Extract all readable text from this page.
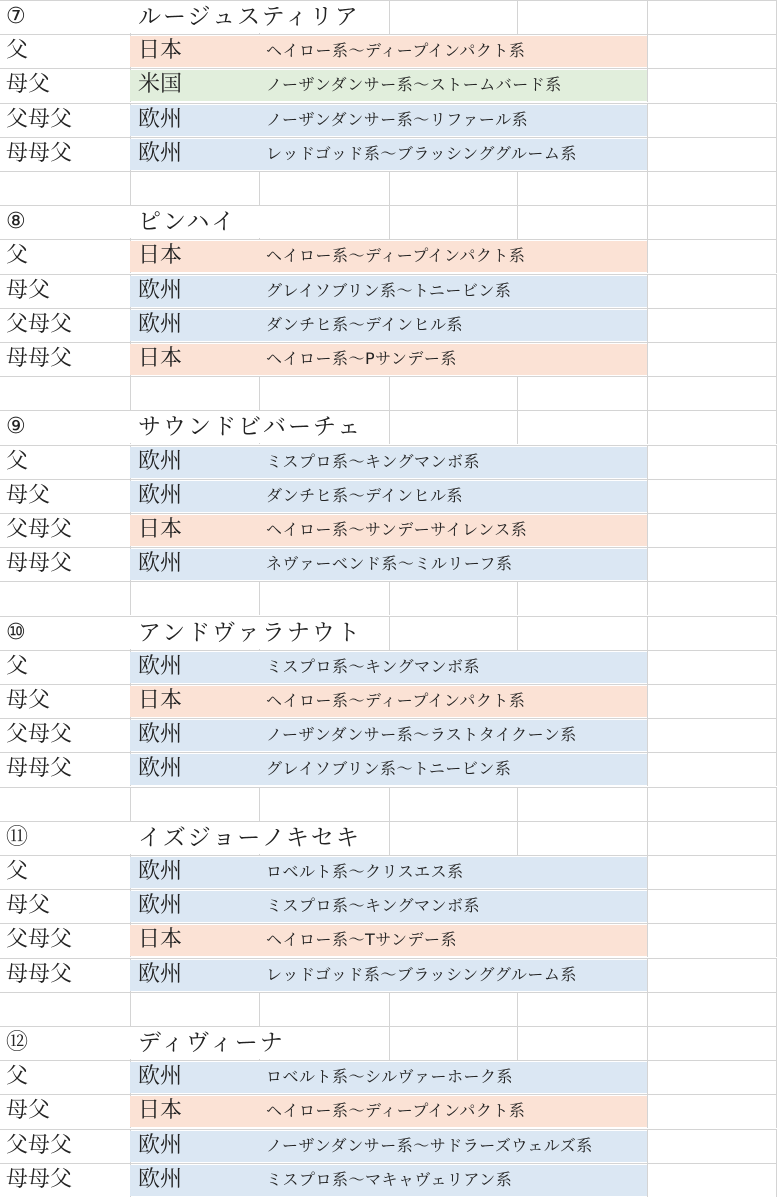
⑦	ルージュスティリア
父	日本	ヘイロー系～ディープインパクト系
母父	米国	ノーザンダンサー系～ストームバード系
父母父	欧州	ノーザンダンサー系～リファール系
母母父	欧州	レッドゴッド系～ブラッシンググルーム系
⑧	ピンハイ
父	日本	ヘイロー系～ディープインパクト系
母父	欧州	グレイソブリン系～トニービン系
父母父	欧州	ダンチヒ系～デインヒル系
母母父	日本	ヘイロー系～Pサンデー系
⑨	サウンドビバーチェ
父	欧州	ミスプロ系～キングマンボ系
母父	欧州	ダンチヒ系～デインヒル系
父母父	日本	ヘイロー系～サンデーサイレンス系
母母父	欧州	ネヴァーベンド系～ミルリーフ系
⑩	アンドヴァラナウト
父	欧州	ミスプロ系～キングマンボ系
母父	日本	ヘイロー系～ディープインパクト系
父母父	欧州	ノーザンダンサー系～ラストタイクーン系
母母父	欧州	グレイソブリン系～トニービン系
⑪	イズジョーノキセキ
父	欧州	ロベルト系～クリスエス系
母父	欧州	ミスプロ系～キングマンボ系
父母父	日本	ヘイロー系～Tサンデー系
母母父	欧州	レッドゴッド系～ブラッシンググルーム系
⑫	ディヴィーナ
父	欧州	ロベルト系～シルヴァーホーク系
母父	日本	ヘイロー系～ディープインパクト系
父母父	欧州	ノーザンダンサー系～サドラーズウェルズ系
母母父	欧州	ミスプロ系～マキャヴェリアン系
